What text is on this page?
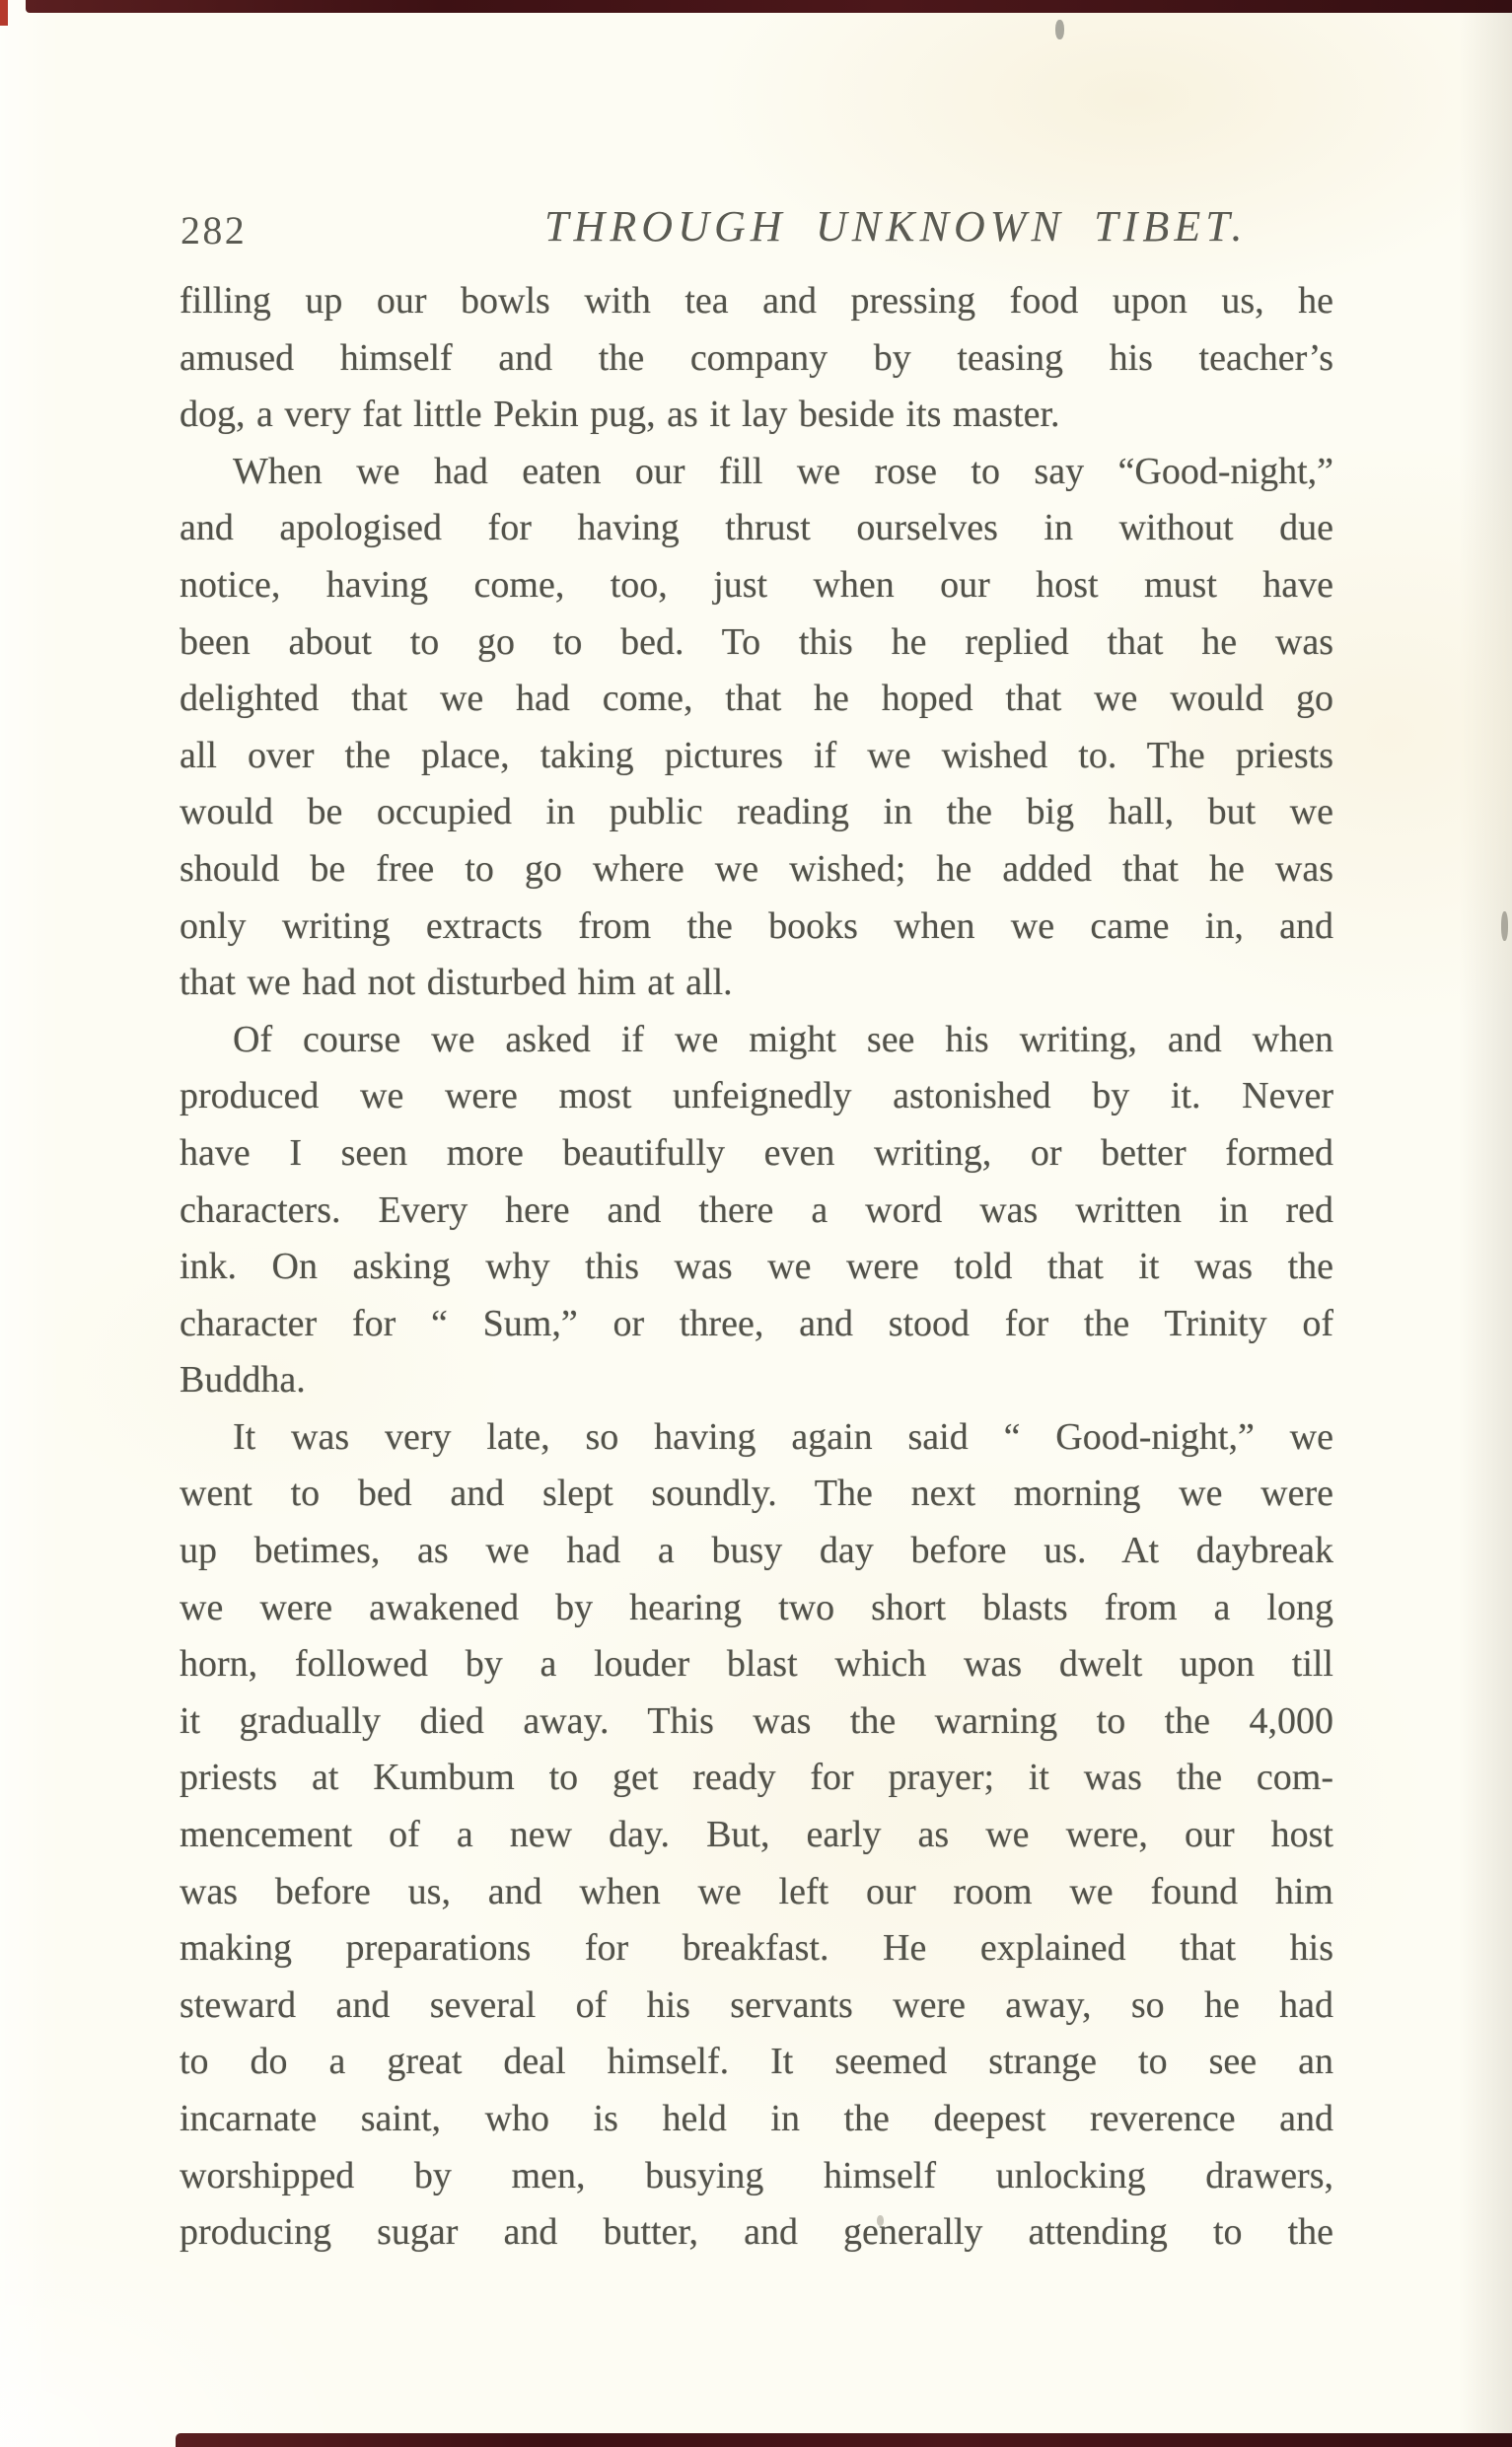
282	THROUGH UNKNOWN TIBET.
filling up our bowls with tea and pressing food upon us, he
amused himself and the company by teasing his teacher’s
dog, a very fat little Pekin pug, as it lay beside its master.
When we had eaten our fill we rose to say “Good-night,”
and apologised for having thrust ourselves in without due
notice, having come, too, just when our host must have
been about to go to bed. To this he replied that he was
delighted that we had come, that he hoped that we would go
all over the place, taking pictures if we wished to. The priests
would be occupied in public reading in the big hall, but we
should be free to go where we wished; he added that he was
only writing extracts from the books when we came in, and
that we had not disturbed him at all.
Of course we asked if we might see his writing, and when
produced we were most unfeignedly astonished by it. Never
have I seen more beautifully even writing, or better formed
characters. Every here and there a word was written in red
ink. On asking why this was we were told that it was the
character for “ Sum,” or three, and stood for the Trinity of
Buddha.
It was very late, so having again said “ Good-night,” we
went to bed and slept soundly. The next morning we were
up betimes, as we had a busy day before us. At daybreak
we were awakened by hearing two short blasts from a long
horn, followed by a louder blast which was dwelt upon till
it gradually died away. This was the warning to the 4,000
priests at Kumbum to get ready for prayer; it was the com-
mencement of a new day. But, early as we were, our host
was before us, and when we left our room we found him
making preparations for breakfast. He explained that his
steward and several of his servants were away, so he had
to do a great deal himself. It seemed strange to see an
incarnate saint, who is held in the deepest reverence and
worshipped by men, busying himself unlocking drawers,
producing sugar and butter, and generally attending to the
